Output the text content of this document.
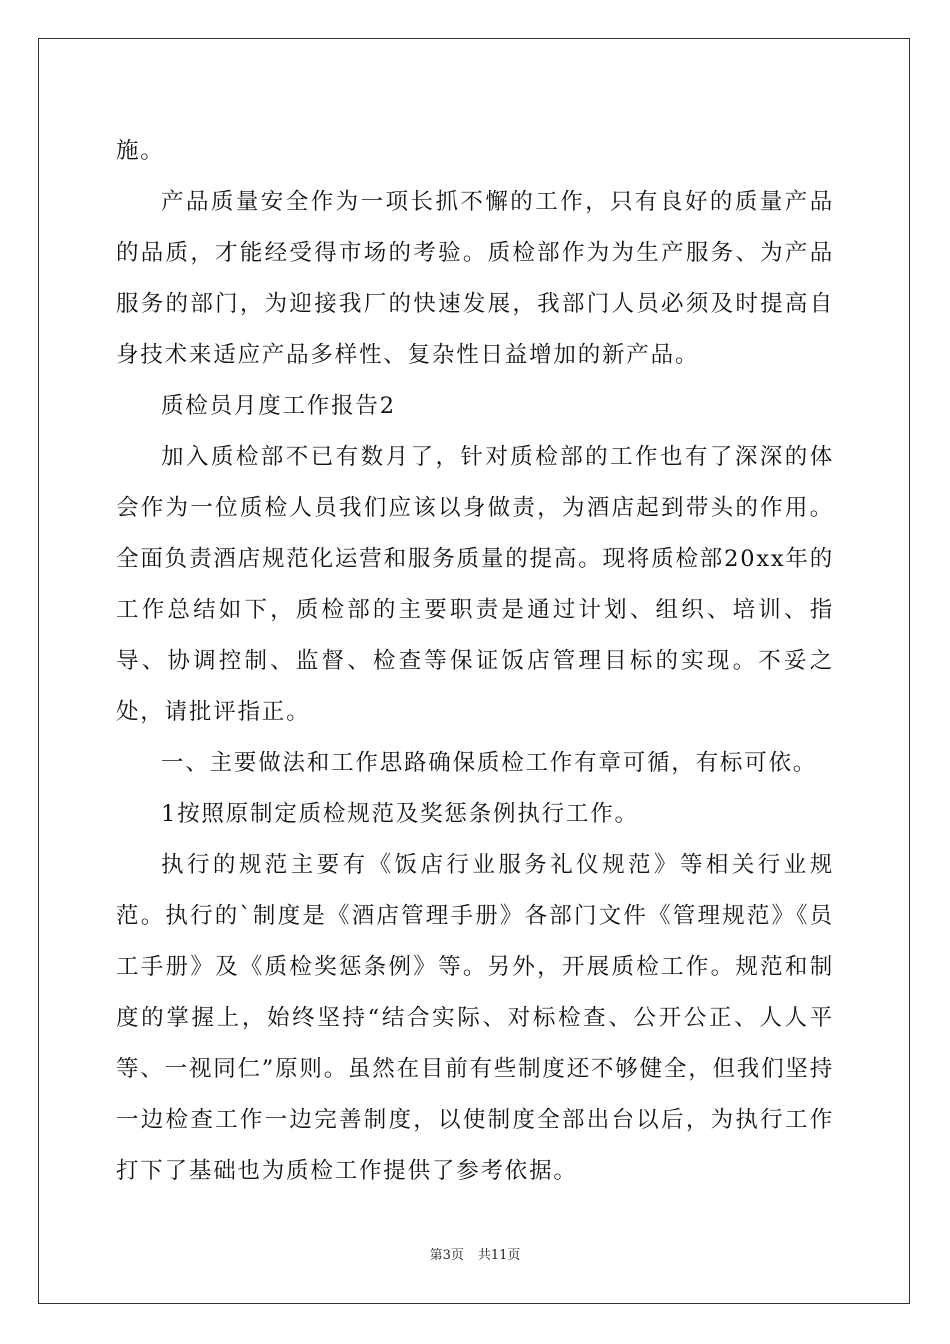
施。

产品质量安全作为一项长抓不懈的工作，只有良好的质量产品的品质，才能经受得市场的考验。质检部作为为生产服务、为产品服务的部门，为迎接我厂的快速发展，我部门人员必须及时提高自身技术来适应产品多样性、复杂性日益增加的新产品。

质检员月度工作报告2

加入质检部不已有数月了，针对质检部的工作也有了深深的体会作为一位质检人员我们应该以身做责，为酒店起到带头的作用。全面负责酒店规范化运营和服务质量的提高。现将质检部20xx年的工作总结如下，质检部的主要职责是通过计划、组织、培训、指导、协调控制、监督、检查等保证饭店管理目标的实现。不妥之处，请批评指正。

一、主要做法和工作思路确保质检工作有章可循，有标可依。

1按照原制定质检规范及奖惩条例执行工作。

执行的规范主要有《饭店行业服务礼仪规范》等相关行业规范。执行的`制度是《酒店管理手册》各部门文件《管理规范》《员工手册》及《质检奖惩条例》等。另外，开展质检工作。规范和制度的掌握上，始终坚持“结合实际、对标检查、公开公正、人人平等、一视同仁”原则。虽然在目前有些制度还不够健全，但我们坚持一边检查工作一边完善制度，以使制度全部出台以后，为执行工作打下了基础也为质检工作提供了参考依据。

第3页 共11页
